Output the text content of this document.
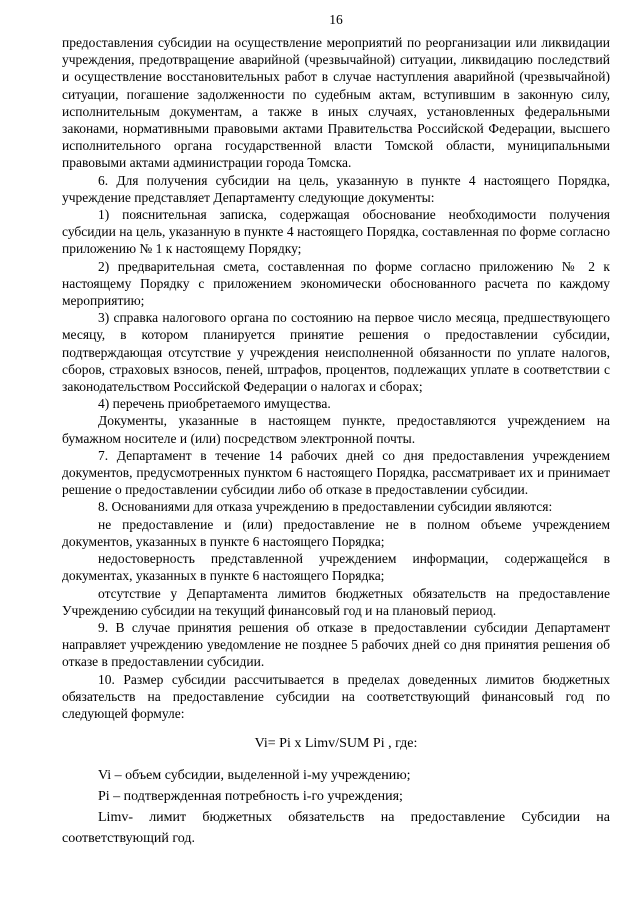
16

предоставления субсидии на осуществление мероприятий по реорганизации или ликвидации учреждения, предотвращение аварийной (чрезвычайной) ситуации, ликвидацию последствий и осуществление восстановительных работ в случае наступления аварийной (чрезвычайной) ситуации, погашение задолженности по судебным актам, вступившим в законную силу, исполнительным документам, а также в иных случаях, установленных федеральными законами, нормативными правовыми актами Правительства Российской Федерации, высшего исполнительного органа государственной власти Томской области, муниципальными правовыми актами администрации города Томска.

6. Для получения субсидии на цель, указанную в пункте 4 настоящего Порядка, учреждение представляет Департаменту следующие документы:

1) пояснительная записка, содержащая обоснование необходимости получения субсидии на цель, указанную в пункте 4 настоящего Порядка, составленная по форме согласно приложению № 1 к настоящему Порядку;

2) предварительная смета, составленная по форме согласно приложению № 2 к настоящему Порядку с приложением экономически обоснованного расчета по каждому мероприятию;

3) справка налогового органа по состоянию на первое число месяца, предшествующего месяцу, в котором планируется принятие решения о предоставлении субсидии, подтверждающая отсутствие у учреждения неисполненной обязанности по уплате налогов, сборов, страховых взносов, пеней, штрафов, процентов, подлежащих уплате в соответствии с законодательством Российской Федерации о налогах и сборах;

4) перечень приобретаемого имущества.

Документы, указанные в настоящем пункте, предоставляются учреждением на бумажном носителе и (или) посредством электронной почты.

7. Департамент в течение 14 рабочих дней со дня предоставления учреждением документов, предусмотренных пунктом 6 настоящего Порядка, рассматривает их и принимает решение о предоставлении субсидии либо об отказе в предоставлении субсидии.

8. Основаниями для отказа учреждению в предоставлении субсидии являются:

не предоставление и (или) предоставление не в полном объеме учреждением документов, указанных в пункте 6 настоящего Порядка;

недостоверность представленной учреждением информации, содержащейся в документах, указанных в пункте 6 настоящего Порядка;

отсутствие у Департамента лимитов бюджетных обязательств на предоставление Учреждению субсидии на текущий финансовый год и на плановый период.

9. В случае принятия решения об отказе в предоставлении субсидии Департамент направляет учреждению уведомление не позднее 5 рабочих дней со дня принятия решения об отказе в предоставлении субсидии.

10. Размер субсидии рассчитывается в пределах доведенных лимитов бюджетных обязательств на предоставление субсидии на соответствующий финансовый год по следующей формуле:

Vi= Pi x Limv/SUM Pi , где:

Vi – объем субсидии, выделенной i-му учреждению;

Pi – подтвержденная потребность i-го учреждения;

Limv- лимит бюджетных обязательств на предоставление Субсидии на соответствующий год.
